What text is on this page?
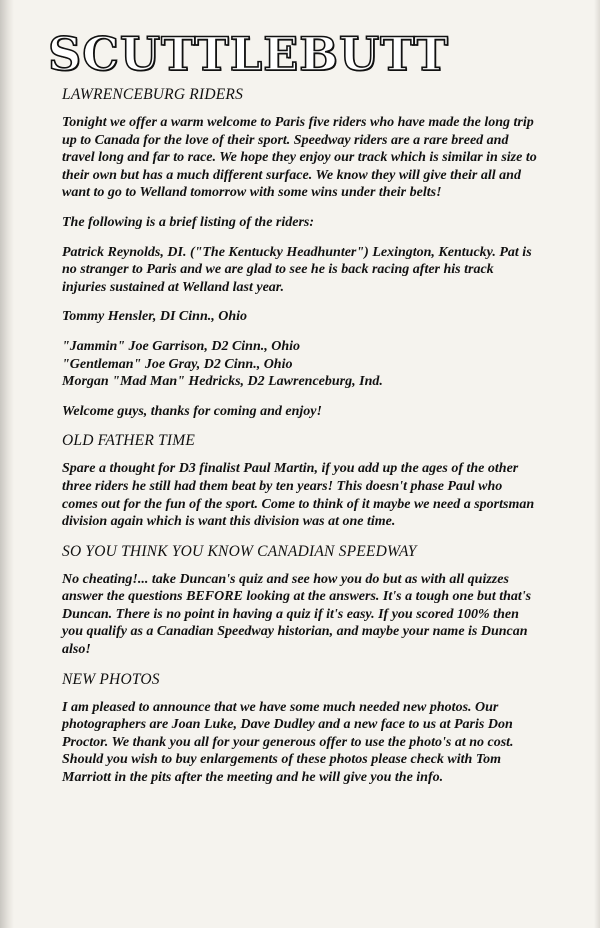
SCUTTLEBUTT
LAWRENCEBURG RIDERS

Tonight we offer a warm welcome to Paris five riders who have made the long trip up to Canada for the love of their sport. Speedway riders are a rare breed and travel long and far to race. We hope they enjoy our track which is similar in size to their own but has a much different surface. We know they will give their all and want to go to Welland tomorrow with some wins under their belts!

The following is a brief listing of the riders:

Patrick Reynolds, DI. ("The Kentucky Headhunter") Lexington, Kentucky. Pat is no stranger to Paris and we are glad to see he is back racing after his track injuries sustained at Welland last year.

Tommy Hensler, DI Cinn., Ohio

"Jammin" Joe Garrison, D2 Cinn., Ohio
"Gentleman" Joe Gray, D2 Cinn., Ohio
Morgan "Mad Man" Hedricks, D2 Lawrenceburg, Ind.

Welcome guys, thanks for coming and enjoy!

OLD FATHER TIME

Spare a thought for D3 finalist Paul Martin, if you add up the ages of the other three riders he still had them beat by ten years! This doesn't phase Paul who comes out for the fun of the sport. Come to think of it maybe we need a sportsman division again which is want this division was at one time.

SO YOU THINK YOU KNOW CANADIAN SPEEDWAY

No cheating!... take Duncan's quiz and see how you do but as with all quizzes answer the questions BEFORE looking at the answers. It's a tough one but that's Duncan. There is no point in having a quiz if it's easy. If you scored 100% then you qualify as a Canadian Speedway historian, and maybe your name is Duncan also!

NEW PHOTOS

I am pleased to announce that we have some much needed new photos. Our photographers are Joan Luke, Dave Dudley and a new face to us at Paris Don Proctor. We thank you all for your generous offer to use the photo's at no cost. Should you wish to buy enlargements of these photos please check with Tom Marriott in the pits after the meeting and he will give you the info.
